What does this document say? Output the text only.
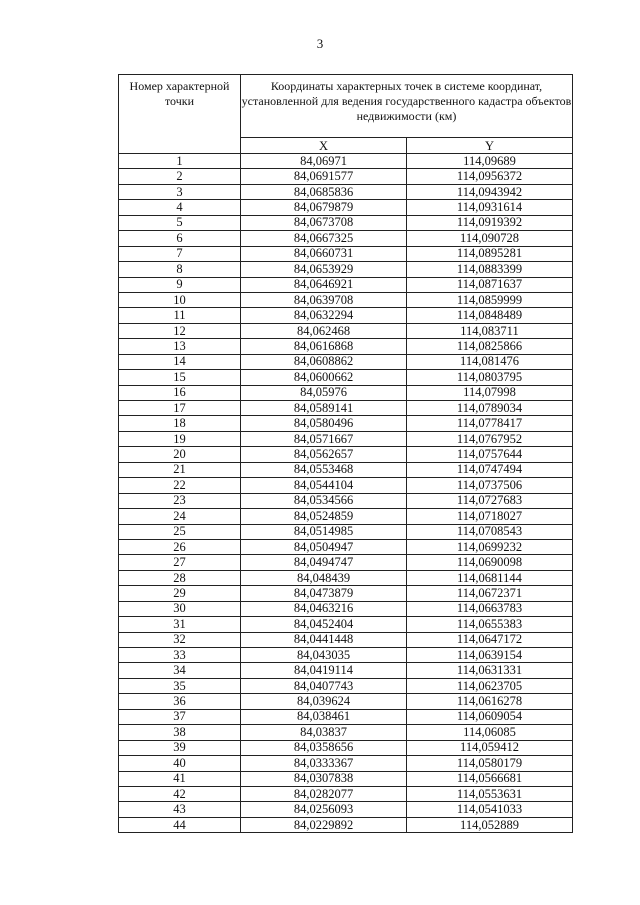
3
Номер характерной точки	Координаты характерных точек в системе координат, установленной для ведения государственного кадастра объектов недвижимости (км)	
	X	Y
1	84,06971	114,09689
2	84,0691577	114,0956372
3	84,0685836	114,0943942
4	84,0679879	114,0931614
5	84,0673708	114,0919392
6	84,0667325	114,090728
7	84,0660731	114,0895281
8	84,0653929	114,0883399
9	84,0646921	114,0871637
10	84,0639708	114,0859999
11	84,0632294	114,0848489
12	84,062468	114,083711
13	84,0616868	114,0825866
14	84,0608862	114,081476
15	84,0600662	114,0803795
16	84,05976	114,07998
17	84,0589141	114,0789034
18	84,0580496	114,0778417
19	84,0571667	114,0767952
20	84,0562657	114,0757644
21	84,0553468	114,0747494
22	84,0544104	114,0737506
23	84,0534566	114,0727683
24	84,0524859	114,0718027
25	84,0514985	114,0708543
26	84,0504947	114,0699232
27	84,0494747	114,0690098
28	84,048439	114,0681144
29	84,0473879	114,0672371
30	84,0463216	114,0663783
31	84,0452404	114,0655383
32	84,0441448	114,0647172
33	84,043035	114,0639154
34	84,0419114	114,0631331
35	84,0407743	114,0623705
36	84,039624	114,0616278
37	84,038461	114,0609054
38	84,03837	114,06085
39	84,0358656	114,059412
40	84,0333367	114,0580179
41	84,0307838	114,0566681
42	84,0282077	114,0553631
43	84,0256093	114,0541033
44	84,0229892	114,052889
